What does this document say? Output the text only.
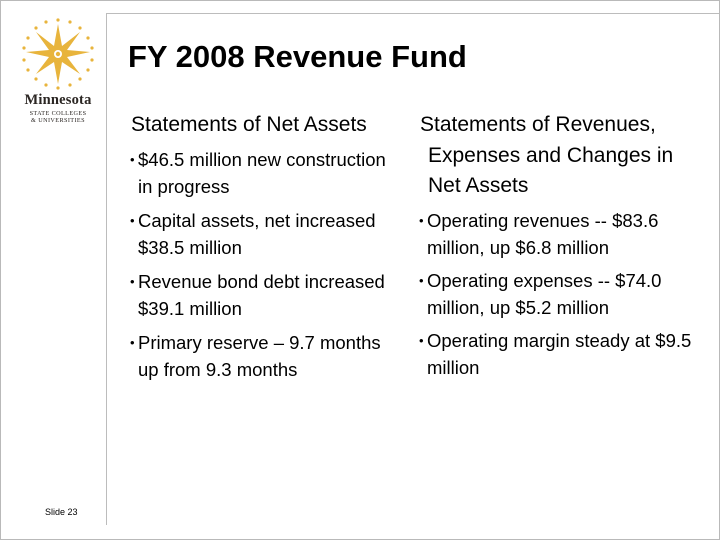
Minnesota
STATE COLLEGES
& UNIVERSITIES
FY 2008 Revenue Fund
Statements of Net Assets
• $46.5 million new construction in progress
• Capital assets, net increased $38.5 million
• Revenue bond debt increased $39.1 million
• Primary reserve – 9.7 months up from 9.3 months
Statements of Revenues, Expenses and Changes in Net Assets
• Operating revenues -- $83.6 million, up $6.8 million
• Operating expenses -- $74.0 million, up $5.2 million
• Operating margin steady at $9.5 million
Slide 23
